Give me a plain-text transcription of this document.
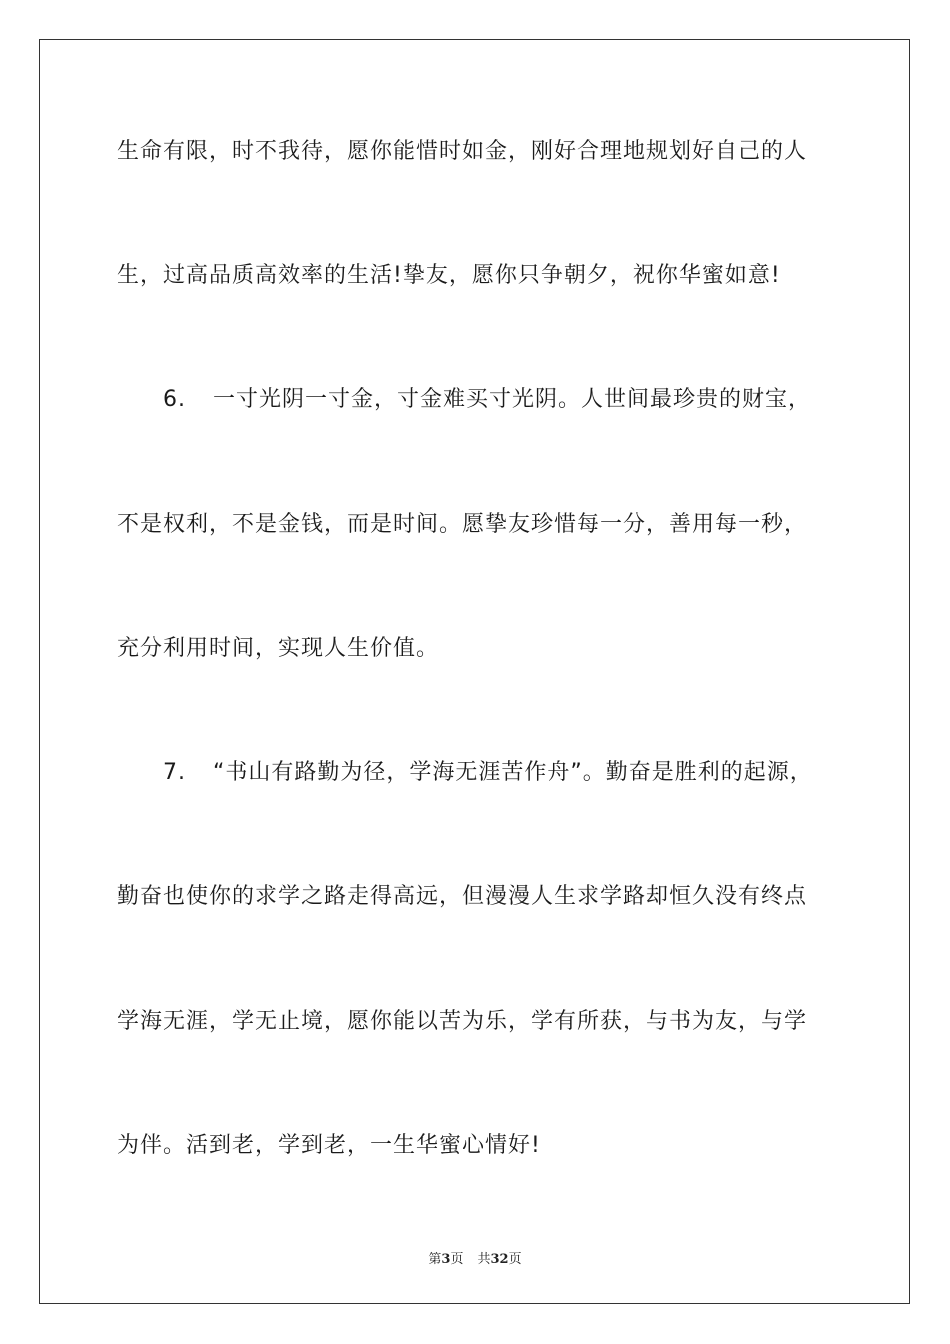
生命有限，时不我待，愿你能惜时如金，刚好合理地规划好自己的人
生，过高品质高效率的生活!挚友，愿你只争朝夕，祝你华蜜如意!
6. 一寸光阴一寸金，寸金难买寸光阴。人世间最珍贵的财宝，
不是权利，不是金钱，而是时间。愿挚友珍惜每一分，善用每一秒，
充分利用时间，实现人生价值。
7. “书山有路勤为径，学海无涯苦作舟”。勤奋是胜利的起源，
勤奋也使你的求学之路走得高远，但漫漫人生求学路却恒久没有终点
学海无涯，学无止境，愿你能以苦为乐，学有所获，与书为友，与学
为伴。活到老，学到老，一生华蜜心情好!
第3页 共32页
